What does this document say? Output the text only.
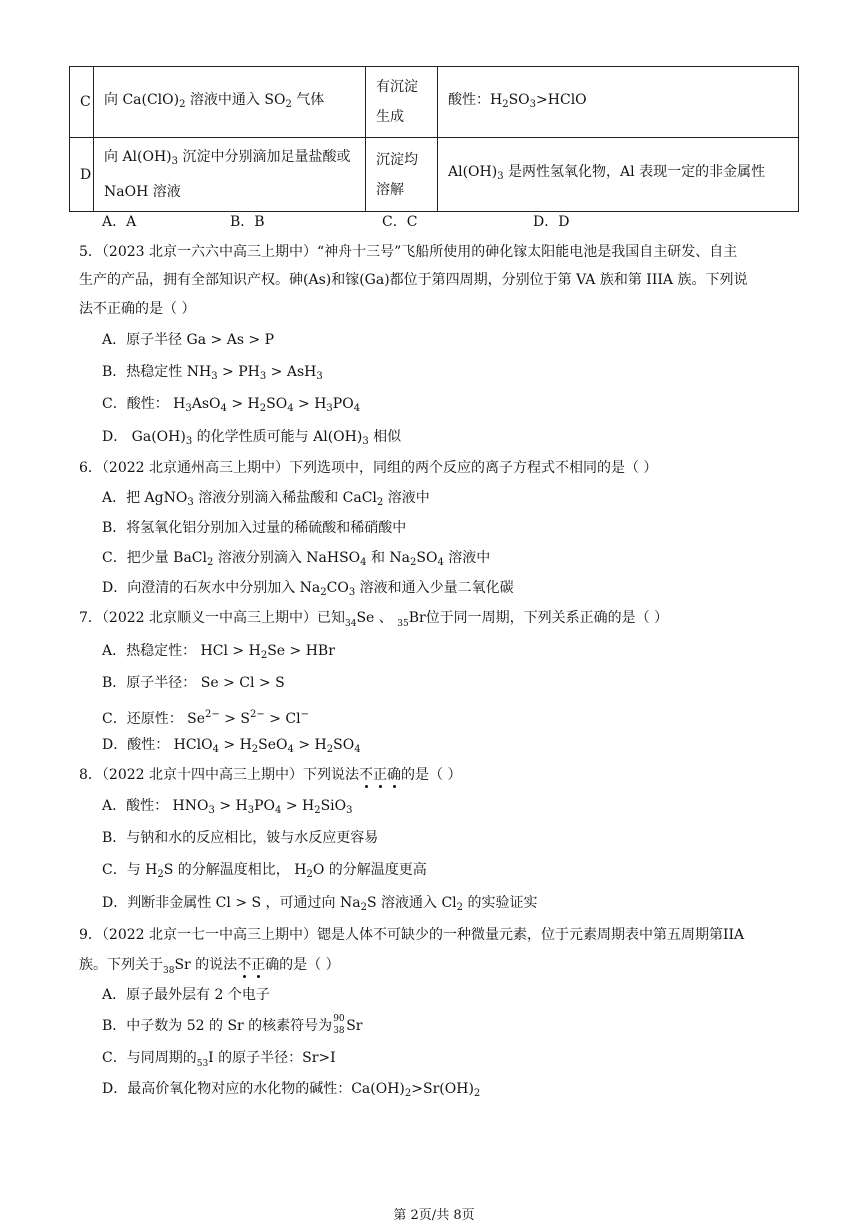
C	向 $Ca(ClO)_2$ 溶液中通入 $SO_2$ 气体	有沉淀生成	酸性：$H_2SO_3>HClO$
D	向 $Al(OH)_3$ 沉淀中分别滴加足量盐酸或 NaOH 溶液	沉淀均溶解	$Al(OH)_3$ 是两性氢氧化物，Al 表现一定的非金属性
A．A	B．B	C．C	D．D
5．（2023 北京一六六中高三上期中）“神舟十三号”飞船所使用的砷化镓太阳能电池是我国自主研发、自主
生产的产品，拥有全部知识产权。砷(As)和镓(Ga)都位于第四周期，分别位于第 VA 族和第 IIIA 族。下列说
法不正确的是（ ）
A．原子半径 Ga > As > P
B．热稳定性 $NH_3 > PH_3 > AsH_3$
C．酸性： $H_3AsO_4 > H_2SO_4 > H_3PO_4$
D． $Ga(OH)_3$ 的化学性质可能与 $Al(OH)_3$ 相似
6．（2022 北京通州高三上期中）下列选项中，同组的两个反应的离子方程式不相同的是（ ）
A．把 AgNO$_3$ 溶液分别滴入稀盐酸和 CaCl$_2$ 溶液中
B．将氢氧化铝分别加入过量的稀硫酸和稀硝酸中
C．把少量 BaCl$_2$ 溶液分别滴入 NaHSO$_4$ 和 $Na_2SO_4$ 溶液中
D．向澄清的石灰水中分别加入 $Na_2CO_3$ 溶液和通入少量二氧化碳
7．（2022 北京顺义一中高三上期中）已知$_{34}$Se 、 $_{35}$Br位于同一周期，下列关系正确的是（ ）
A．热稳定性： HCl > $H_2Se$ > HBr
B．原子半径： Se > Cl > S
C．还原性： $Se^{2-} > S^{2-} > Cl^-$
D．酸性： HClO$_4$ > $H_2SeO_4 > H_2SO_4$
8．（2022 北京十四中高三上期中）下列说法不正确的是（ ）
A．酸性： $HNO_3 > H_3PO_4 > H_2SiO_3$
B．与钠和水的反应相比，铍与水反应更容易
C．与 $H_2S$ 的分解温度相比， $H_2O$ 的分解温度更高
D．判断非金属性 Cl > S ，可通过向 $Na_2S$ 溶液通入 $Cl_2$ 的实验证实
9．（2022 北京一七一中高三上期中）锶是人体不可缺少的一种微量元素，位于元素周期表中第五周期第IIA
族。下列关于$_{38}$Sr 的说法不正确的是（ ）
A．原子最外层有 2 个电子
B．中子数为 52 的 Sr 的核素符号为 90
38 Sr
C．与同周期的$_{53}$I 的原子半径：Sr>I
D．最高价氧化物对应的水化物的碱性：$Ca(OH)_2>Sr(OH)_2$
第 2页/共 8页
